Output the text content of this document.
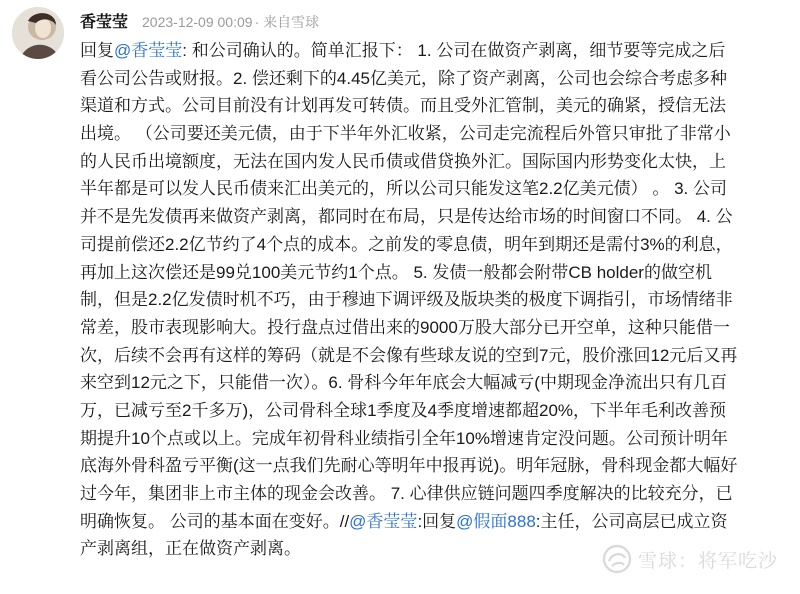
香莹莹 2023-12-09 00:09 · 来自雪球
回复@香莹莹: 和公司确认的。简单汇报下： 1. 公司在做资产剥离，细节要等完成之后
看公司公告或财报。2. 偿还剩下的4.45亿美元，除了资产剥离，公司也会综合考虑多种
渠道和方式。公司目前没有计划再发可转债。而且受外汇管制，美元的确紧，授信无法
出境。 （公司要还美元债，由于下半年外汇收紧，公司走完流程后外管只审批了非常小
的人民币出境额度，无法在国内发人民币债或借贷换外汇。国际国内形势变化太快，上
半年都是可以发人民币债来汇出美元的，所以公司只能发这笔2.2亿美元债） 。 3. 公司
并不是先发债再来做资产剥离，都同时在布局，只是传达给市场的时间窗口不同。 4. 公
司提前偿还2.2亿节约了4个点的成本。之前发的零息债，明年到期还是需付3%的利息，
再加上这次偿还是99兑100美元节约1个点。 5. 发债一般都会附带CB holder的做空机
制，但是2.2亿发债时机不巧，由于穆迪下调评级及版块类的极度下调指引，市场情绪非
常差，股市表现影响大。投行盘点过借出来的9000万股大部分已开空单，这种只能借一
次，后续不会再有这样的筹码（就是不会像有些球友说的空到7元，股价涨回12元后又再
来空到12元之下，只能借一次）。6. 骨科今年年底会大幅减亏(中期现金净流出只有几百
万，已减亏至2千多万)，公司骨科全球1季度及4季度增速都超20%，下半年毛利改善预
期提升10个点或以上。完成年初骨科业绩指引全年10%增速肯定没问题。公司预计明年
底海外骨科盈亏平衡(这一点我们先耐心等明年中报再说)。明年冠脉，骨科现金都大幅好
过今年，集团非上市主体的现金会改善。 7. 心律供应链问题四季度解决的比较充分，已
明确恢复。 公司的基本面在变好。//@香莹莹:回复@假面888:主任，公司高层已成立资
产剥离组，正在做资产剥离。
雪球：将军吃沙
